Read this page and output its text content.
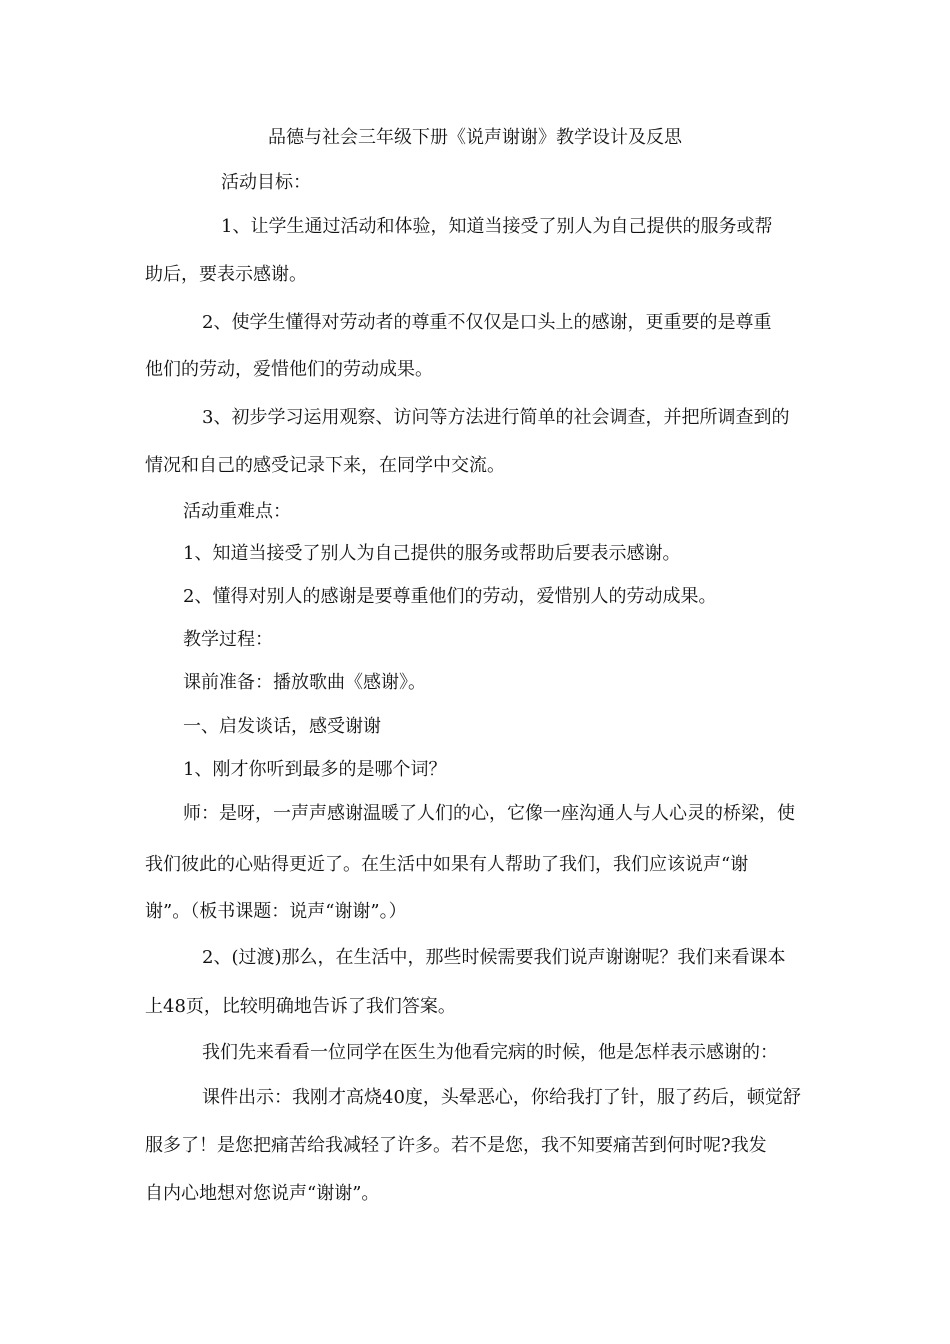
品德与社会三年级下册《说声谢谢》教学设计及反思
活动目标：
1、让学生通过活动和体验，知道当接受了别人为自己提供的服务或帮
助后，要表示感谢。
2、使学生懂得对劳动者的尊重不仅仅是口头上的感谢，更重要的是尊重
他们的劳动，爱惜他们的劳动成果。
3、初步学习运用观察、访问等方法进行简单的社会调查，并把所调查到的
情况和自己的感受记录下来，在同学中交流。
活动重难点：
1、知道当接受了别人为自己提供的服务或帮助后要表示感谢。
2、懂得对别人的感谢是要尊重他们的劳动，爱惜别人的劳动成果。
教学过程：
课前准备：播放歌曲《感谢》。
一、启发谈话，感受谢谢
1、刚才你听到最多的是哪个词？
师：是呀，一声声感谢温暖了人们的心，它像一座沟通人与人心灵的桥梁，使
我们彼此的心贴得更近了。在生活中如果有人帮助了我们，我们应该说声“谢
谢”。（板书课题：说声“谢谢”。）
2、(过渡)那么，在生活中，那些时候需要我们说声谢谢呢？我们来看课本
上48页，比较明确地告诉了我们答案。
我们先来看看一位同学在医生为他看完病的时候，他是怎样表示感谢的：
课件出示：我刚才高烧40度，头晕恶心，你给我打了针，服了药后，顿觉舒
服多了！是您把痛苦给我减轻了许多。若不是您，我不知要痛苦到何时呢?我发
自内心地想对您说声“谢谢”。
